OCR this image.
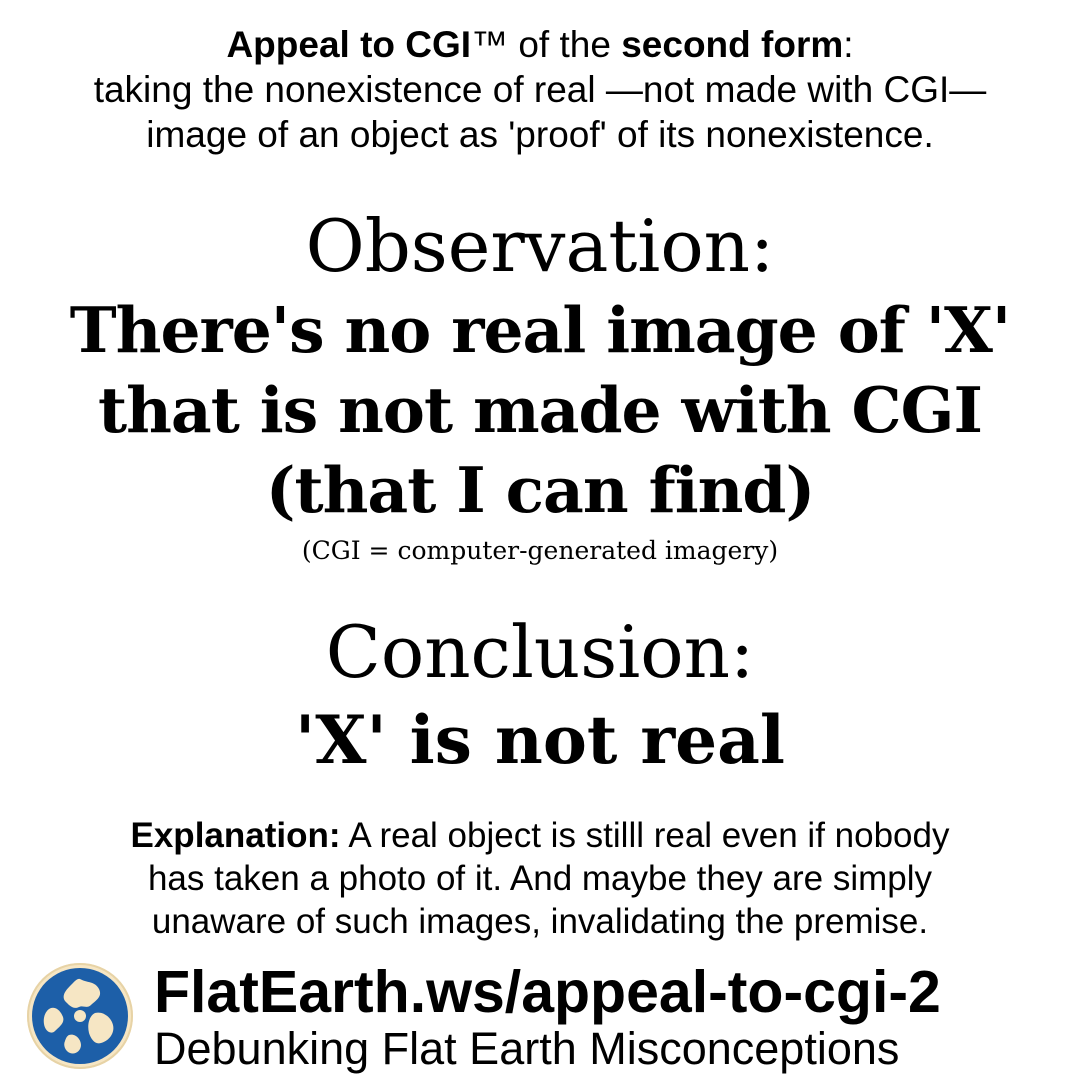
Appeal to CGI™ of the second form:
taking the nonexistence of real —not made with CGI—
image of an object as 'proof' of its nonexistence.
Observation:
There's no real image of 'X'
that is not made with CGI
(that I can find)
(CGI = computer-generated imagery)
Conclusion:
'X' is not real
Explanation: A real object is stilll real even if nobody
has taken a photo of it. And maybe they are simply
unaware of such images, invalidating the premise.
FlatEarth.ws/appeal-to-cgi-2
Debunking Flat Earth Misconceptions
